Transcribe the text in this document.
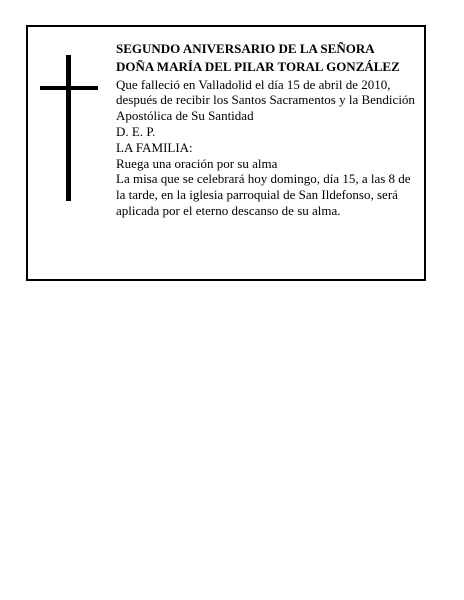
SEGUNDO ANIVERSARIO DE LA SEÑORA

DOÑA MARÍA DEL PILAR TORAL GONZÁLEZ

Que falleció en Valladolid el día 15 de abril de 2010, después de recibir los Santos Sacramentos y la Bendición Apostólica de Su Santidad

D. E. P.

LA FAMILIA:

Ruega una oración por su alma

La misa que se celebrará hoy domingo, día 15, a las 8 de la tarde, en la iglesia parroquial de San Ildefonso, será aplicada por el eterno descanso de su alma.
